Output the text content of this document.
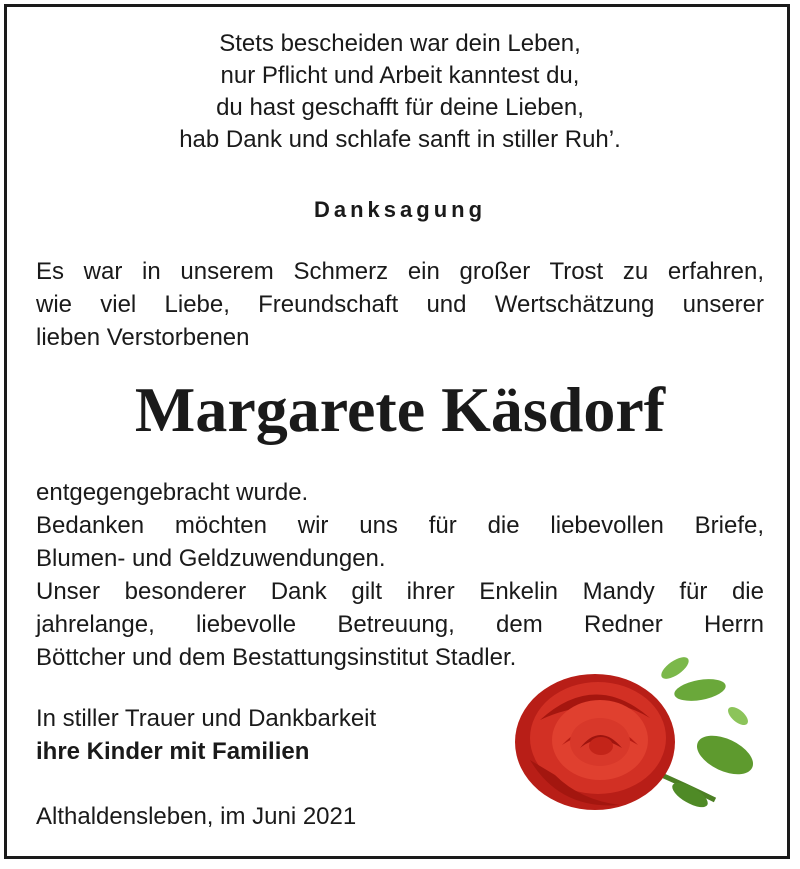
Stets bescheiden war dein Leben,
nur Pflicht und Arbeit kanntest du,
du hast geschafft für deine Lieben,
hab Dank und schlafe sanft in stiller Ruh’.
Danksagung
Es war in unserem Schmerz ein großer Trost zu erfahren,
wie viel Liebe, Freundschaft und Wertschätzung unserer
lieben Verstorbenen
Margarete Käsdorf
entgegengebracht wurde.
Bedanken möchten wir uns für die liebevollen Briefe,
Blumen- und Geldzuwendungen.
Unser besonderer Dank gilt ihrer Enkelin Mandy für die
jahrelange, liebevolle Betreuung, dem Redner Herrn
Böttcher und dem Bestattungsinstitut Stadler.
In stiller Trauer und Dankbarkeit
ihre Kinder mit Familien
Althaldensleben, im Juni 2021
